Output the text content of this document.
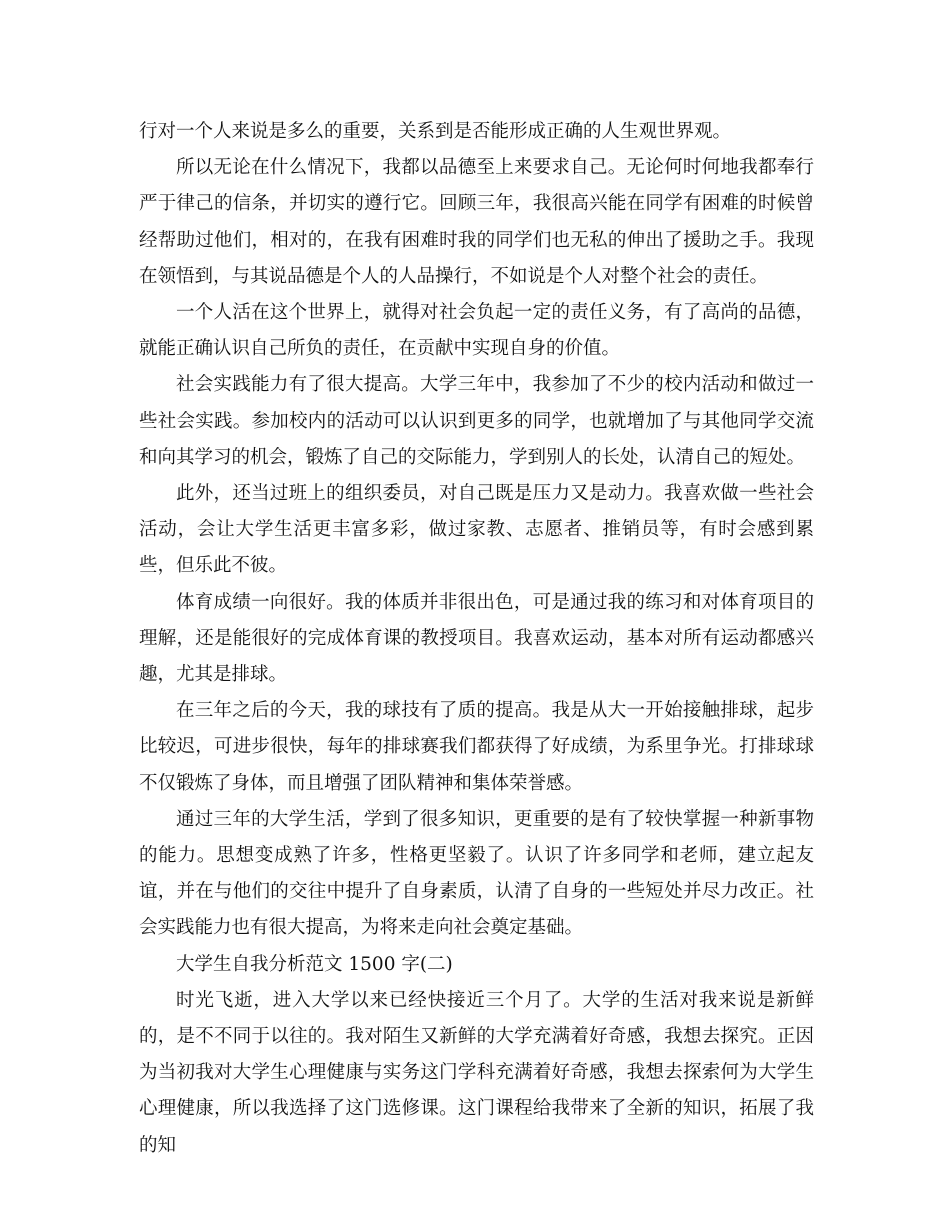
行对一个人来说是多么的重要，关系到是否能形成正确的人生观世界观。

所以无论在什么情况下，我都以品德至上来要求自己。无论何时何地我都奉行严于律己的信条，并切实的遵行它。回顾三年，我很高兴能在同学有困难的时候曾经帮助过他们，相对的，在我有困难时我的同学们也无私的伸出了援助之手。我现在领悟到，与其说品德是个人的人品操行，不如说是个人对整个社会的责任。

一个人活在这个世界上，就得对社会负起一定的责任义务，有了高尚的品德，就能正确认识自己所负的责任，在贡献中实现自身的价值。

社会实践能力有了很大提高。大学三年中，我参加了不少的校内活动和做过一些社会实践。参加校内的活动可以认识到更多的同学，也就增加了与其他同学交流和向其学习的机会，锻炼了自己的交际能力，学到别人的长处，认清自己的短处。

此外，还当过班上的组织委员，对自己既是压力又是动力。我喜欢做一些社会活动，会让大学生活更丰富多彩，做过家教、志愿者、推销员等，有时会感到累些，但乐此不彼。

体育成绩一向很好。我的体质并非很出色，可是通过我的练习和对体育项目的理解，还是能很好的完成体育课的教授项目。我喜欢运动，基本对所有运动都感兴趣，尤其是排球。

在三年之后的今天，我的球技有了质的提高。我是从大一开始接触排球，起步比较迟，可进步很快，每年的排球赛我们都获得了好成绩，为系里争光。打排球球不仅锻炼了身体，而且增强了团队精神和集体荣誉感。

通过三年的大学生活，学到了很多知识，更重要的是有了较快掌握一种新事物的能力。思想变成熟了许多，性格更坚毅了。认识了许多同学和老师，建立起友谊，并在与他们的交往中提升了自身素质，认清了自身的一些短处并尽力改正。社会实践能力也有很大提高，为将来走向社会奠定基础。

大学生自我分析范文 1500 字(二)

时光飞逝，进入大学以来已经快接近三个月了。大学的生活对我来说是新鲜的，是不不同于以往的。我对陌生又新鲜的大学充满着好奇感，我想去探究。正因为当初我对大学生心理健康与实务这门学科充满着好奇感，我想去探索何为大学生心理健康，所以我选择了这门选修课。这门课程给我带来了全新的知识，拓展了我的知
